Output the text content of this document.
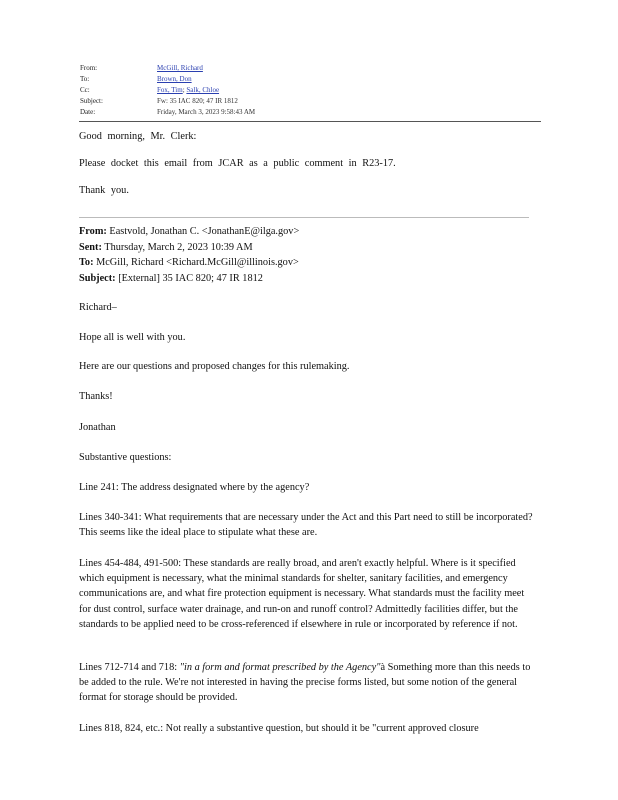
From:	McGill, Richard
To:	Brown, Don
Cc:	Fox, Tim; Salk, Chloe
Subject:	Fw: 35 IAC 820; 47 IR 1812
Date:	Friday, March 3, 2023 9:58:43 AM

Good morning, Mr. Clerk:

Please docket this email from JCAR as a public comment in R23-17.

Thank you.

From: Eastvold, Jonathan C. <JonathanE@ilga.gov>
Sent: Thursday, March 2, 2023 10:39 AM
To: McGill, Richard <Richard.McGill@illinois.gov>
Subject: [External] 35 IAC 820; 47 IR 1812

Richard–

Hope all is well with you.

Here are our questions and proposed changes for this rulemaking.

Thanks!

Jonathan

Substantive questions:

Line 241: The address designated where by the agency?

Lines 340-341: What requirements that are necessary under the Act and this Part need to still be incorporated? This seems like the ideal place to stipulate what these are.

Lines 454-484, 491-500: These standards are really broad, and aren't exactly helpful. Where is it specified which equipment is necessary, what the minimal standards for shelter, sanitary facilities, and emergency communications are, and what fire protection equipment is necessary. What standards must the facility meet for dust control, surface water drainage, and run-on and runoff control? Admittedly facilities differ, but the standards to be applied need to be cross-referenced if elsewhere in rule or incorporated by reference if not.

Lines 712-714 and 718: "in a form and format prescribed by the Agency"à Something more than this needs to be added to the rule. We're not interested in having the precise forms listed, but some notion of the general format for storage should be provided.

Lines 818, 824, etc.: Not really a substantive question, but should it be "current approved closure
